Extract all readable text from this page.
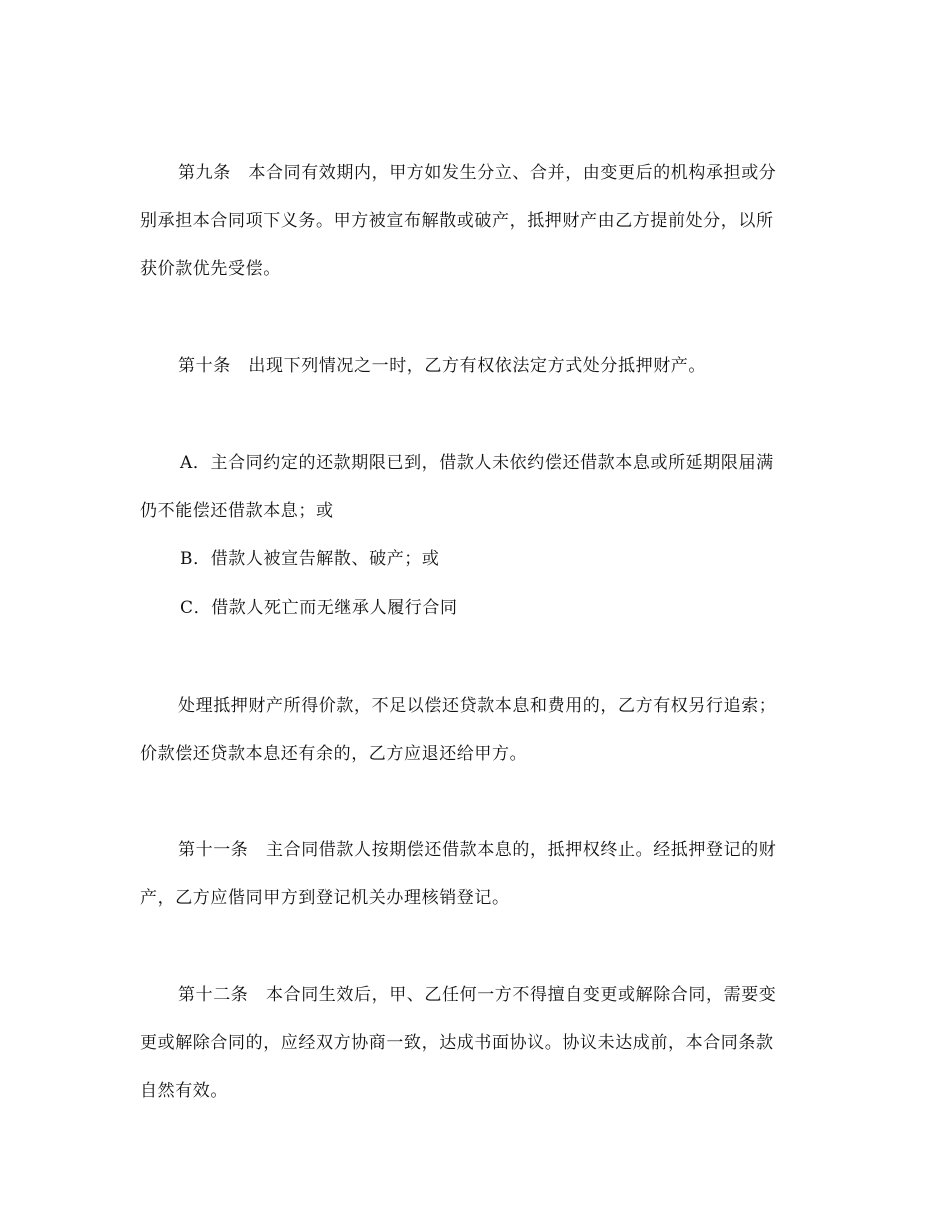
第九条　本合同有效期内，甲方如发生分立、合并，由变更后的机构承担或分
别承担本合同项下义务。甲方被宣布解散或破产，抵押财产由乙方提前处分，以所
获价款优先受偿。
第十条　出现下列情况之一时，乙方有权依法定方式处分抵押财产。
A．主合同约定的还款期限已到，借款人未依约偿还借款本息或所延期限届满
仍不能偿还借款本息；或
B．借款人被宣告解散、破产；或
C．借款人死亡而无继承人履行合同
处理抵押财产所得价款，不足以偿还贷款本息和费用的，乙方有权另行追索；
价款偿还贷款本息还有余的，乙方应退还给甲方。
第十一条　主合同借款人按期偿还借款本息的，抵押权终止。经抵押登记的财
产，乙方应偕同甲方到登记机关办理核销登记。
第十二条　本合同生效后，甲、乙任何一方不得擅自变更或解除合同，需要变
更或解除合同的，应经双方协商一致，达成书面协议。协议未达成前，本合同条款
自然有效。
